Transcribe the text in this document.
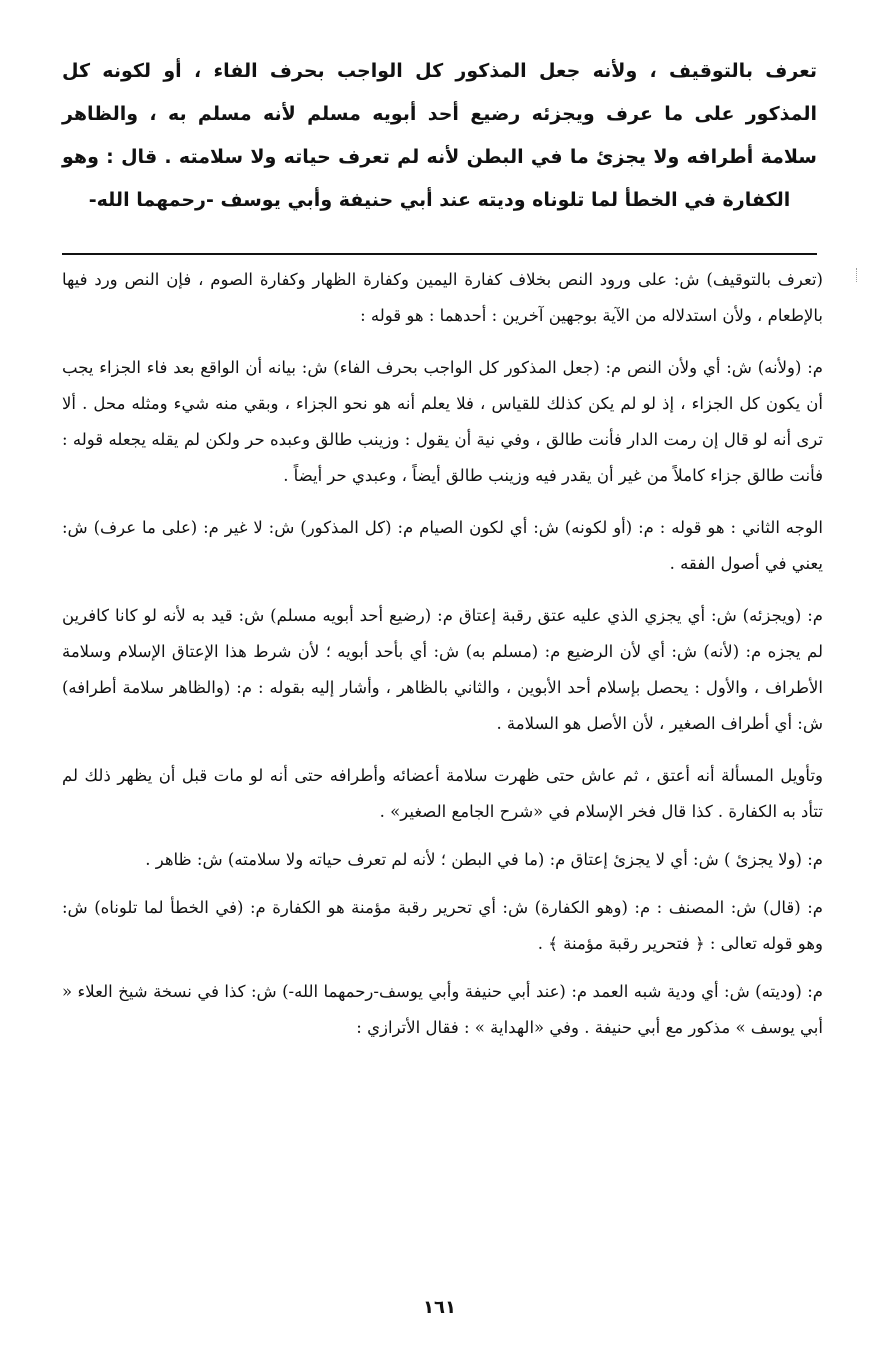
تعرف بالتوقيف ، ولأنه جعل المذكور كل الواجب بحرف الفاء ، أو لكونه كل المذكور على ما عرف ويجزئه رضيع أحد أبويه مسلم لأنه مسلم به ، والظاهر سلامة أطرافه ولا يجزئ ما في البطن لأنه لم تعرف حياته ولا سلامته . قال : وهو الكفارة في الخطأ لما تلوناه وديته عند أبي حنيفة وأبي يوسف -رحمهما الله-

(تعرف بالتوقيف) ش: على ورود النص بخلاف كفارة اليمين وكفارة الظهار وكفارة الصوم ، فإن النص ورد فيها بالإطعام ، ولأن استدلاله من الآية بوجهين آخرين : أحدهما : هو قوله :

م: (ولأنه) ش: أي ولأن النص م: (جعل المذكور كل الواجب بحرف الفاء) ش: بيانه أن الواقع بعد فاء الجزاء يجب أن يكون كل الجزاء ، إذ لو لم يكن كذلك للقياس ، فلا يعلم أنه هو نحو الجزاء ، وبقي منه شيء ومثله محل . ألا ترى أنه لو قال إن رمت الدار فأنت طالق ، وفي نية أن يقول : وزينب طالق وعبده حر ولكن لم يقله يجعله قوله : فأنت طالق جزاء كاملاً من غير أن يقدر فيه وزينب طالق أيضاً ، وعبدي حر أيضاً .

الوجه الثاني : هو قوله : م: (أو لكونه) ش: أي لكون الصيام م: (كل المذكور) ش: لا غير م: (على ما عرف) ش: يعني في أصول الفقه .

م: (ويجزئه) ش: أي يجزي الذي عليه عتق رقبة إعتاق م: (رضيع أحد أبويه مسلم) ش: قيد به لأنه لو كانا كافرين لم يجزه م: (لأنه) ش: أي لأن الرضيع م: (مسلم به) ش: أي بأحد أبويه ؛ لأن شرط هذا الإعتاق الإسلام وسلامة الأطراف ، والأول : يحصل بإسلام أحد الأبوين ، والثاني بالظاهر ، وأشار إليه بقوله : م: (والظاهر سلامة أطرافه) ش: أي أطراف الصغير ، لأن الأصل هو السلامة .

وتأويل المسألة أنه أعتق ، ثم عاش حتى ظهرت سلامة أعضائه وأطرافه حتى أنه لو مات قبل أن يظهر ذلك لم تتأد به الكفارة . كذا قال فخر الإسلام في «شرح الجامع الصغير» .

م: (ولا يجزئ ) ش: أي لا يجزئ إعتاق م: (ما في البطن ؛ لأنه لم تعرف حياته ولا سلامته) ش: ظاهر .

م: (قال) ش: المصنف : م: (وهو الكفارة) ش: أي تحرير رقبة مؤمنة هو الكفارة م: (في الخطأ لما تلوناه) ش: وهو قوله تعالى : ﴿ فتحرير رقبة مؤمنة ﴾ .

م: (وديته) ش: أي ودية شبه العمد م: (عند أبي حنيفة وأبي يوسف-رحمهما الله-) ش: كذا في نسخة شيخ العلاء « أبي يوسف » مذكور مع أبي حنيفة . وفي «الهداية » : فقال الأترازي :

١٦١
